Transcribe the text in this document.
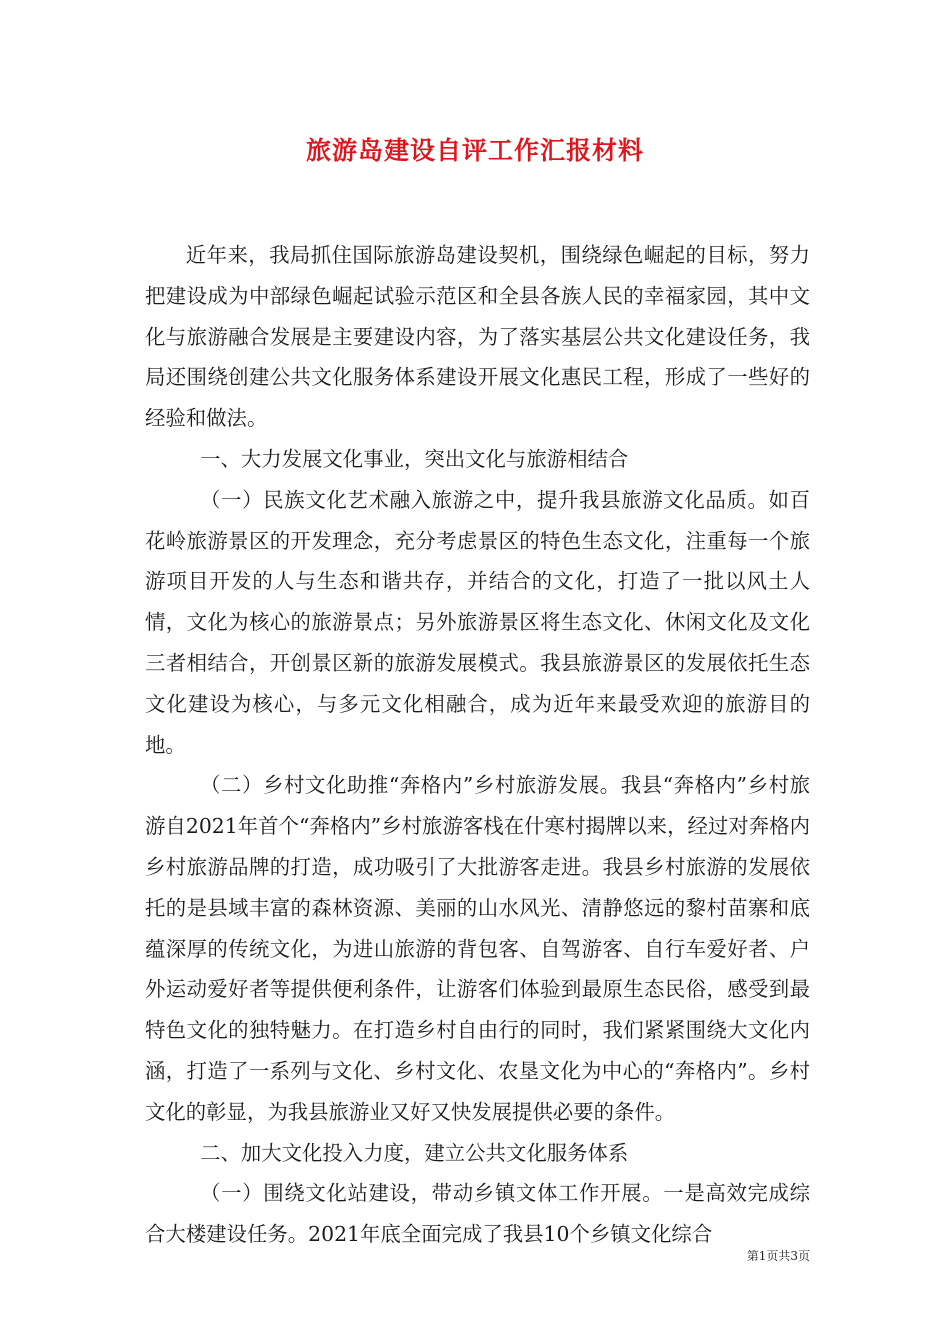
旅游岛建设自评工作汇报材料

近年来，我局抓住国际旅游岛建设契机，围绕绿色崛起的目标，努力把建设成为中部绿色崛起试验示范区和全县各族人民的幸福家园，其中文化与旅游融合发展是主要建设内容，为了落实基层公共文化建设任务，我局还围绕创建公共文化服务体系建设开展文化惠民工程，形成了一些好的经验和做法。

一、大力发展文化事业，突出文化与旅游相结合

（一）民族文化艺术融入旅游之中，提升我县旅游文化品质。如百花岭旅游景区的开发理念，充分考虑景区的特色生态文化，注重每一个旅游项目开发的人与生态和谐共存，并结合的文化，打造了一批以风土人情，文化为核心的旅游景点；另外旅游景区将生态文化、休闲文化及文化三者相结合，开创景区新的旅游发展模式。我县旅游景区的发展依托生态文化建设为核心，与多元文化相融合，成为近年来最受欢迎的旅游目的地。

（二）乡村文化助推“奔格内”乡村旅游发展。我县“奔格内”乡村旅游自2021年首个“奔格内”乡村旅游客栈在什寒村揭牌以来，经过对奔格内乡村旅游品牌的打造，成功吸引了大批游客走进。我县乡村旅游的发展依托的是县域丰富的森林资源、美丽的山水风光、清静悠远的黎村苗寨和底蕴深厚的传统文化，为进山旅游的背包客、自驾游客、自行车爱好者、户外运动爱好者等提供便利条件，让游客们体验到最原生态民俗，感受到最特色文化的独特魅力。在打造乡村自由行的同时，我们紧紧围绕大文化内涵，打造了一系列与文化、乡村文化、农垦文化为中心的“奔格内”。乡村文化的彰显，为我县旅游业又好又快发展提供必要的条件。

二、加大文化投入力度，建立公共文化服务体系

（一）围绕文化站建设，带动乡镇文体工作开展。一是高效完成综合大楼建设任务。2021年底全面完成了我县10个乡镇文化综合

第1页共3页
